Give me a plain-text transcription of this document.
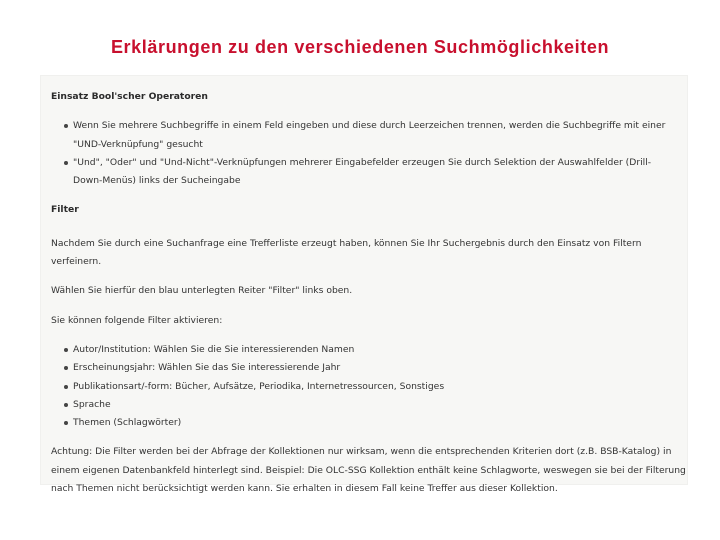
Erklärungen zu den verschiedenen Suchmöglichkeiten

Einsatz Bool'scher Operatoren

Wenn Sie mehrere Suchbegriffe in einem Feld eingeben und diese durch Leerzeichen trennen, werden die Suchbegriffe mit einer "UND-Verknüpfung" gesucht
"Und", "Oder" und "Und-Nicht"-Verknüpfungen mehrerer Eingabefelder erzeugen Sie durch Selektion der Auswahlfelder (Drill-Down-Menüs) links der Sucheingabe

Filter

Nachdem Sie durch eine Suchanfrage eine Trefferliste erzeugt haben, können Sie Ihr Suchergebnis durch den Einsatz von Filtern verfeinern.

Wählen Sie hierfür den blau unterlegten Reiter "Filter" links oben.

Sie können folgende Filter aktivieren:

Autor/Institution: Wählen Sie die Sie interessierenden Namen
Erscheinungsjahr: Wählen Sie das Sie interessierende Jahr
Publikationsart/-form: Bücher, Aufsätze, Periodika, Internetressourcen, Sonstiges
Sprache
Themen (Schlagwörter)

Achtung: Die Filter werden bei der Abfrage der Kollektionen nur wirksam, wenn die entsprechenden Kriterien dort (z.B. BSB-Katalog) in einem eigenen Datenbankfeld hinterlegt sind. Beispiel: Die OLC-SSG Kollektion enthält keine Schlagworte, weswegen sie bei der Filterung nach Themen nicht berücksichtigt werden kann. Sie erhalten in diesem Fall keine Treffer aus dieser Kollektion.
